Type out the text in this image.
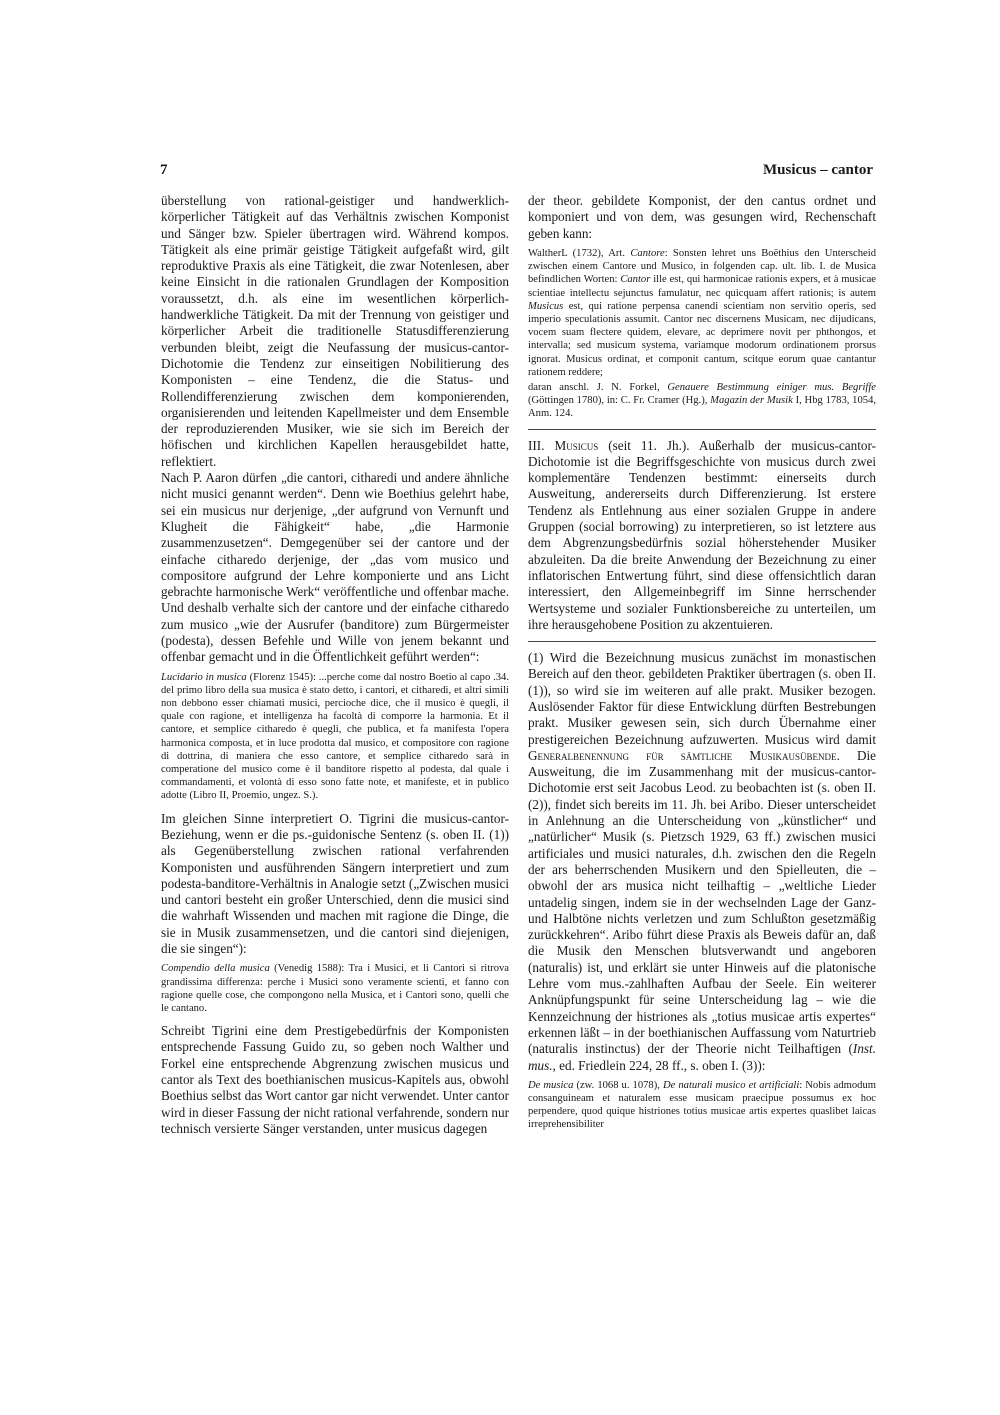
7	Musicus – cantor

überstellung von rational-geistiger und handwerklich-körperlicher Tätigkeit auf das Verhältnis zwischen Komponist und Sänger bzw. Spieler übertragen wird. Während kompos. Tätigkeit als eine primär geistige Tätigkeit aufgefaßt wird, gilt reproduktive Praxis als eine Tätigkeit, die zwar Notenlesen, aber keine Einsicht in die rationalen Grundlagen der Komposition voraussetzt, d.h. als eine im wesentlichen körperlich-handwerkliche Tätigkeit. Da mit der Trennung von geistiger und körperlicher Arbeit die traditionelle Statusdifferenzierung verbunden bleibt, zeigt die Neufassung der musicus-cantor-Dichotomie die Tendenz zur einseitigen Nobilitierung des Komponisten – eine Tendenz, die die Status- und Rollendifferenzierung zwischen dem komponierenden, organisierenden und leitenden Kapellmeister und dem Ensemble der reproduzierenden Musiker, wie sie sich im Bereich der höfischen und kirchlichen Kapellen herausgebildet hatte, reflektiert.

Nach P. Aaron dürfen „die cantori, citharedi und andere ähnliche nicht musici genannt werden“. Denn wie Boethius gelehrt habe, sei ein musicus nur derjenige, „der aufgrund von Vernunft und Klugheit die Fähigkeit“ habe, „die Harmonie zusammenzusetzen“. Demgegenüber sei der cantore und der einfache citharedo derjenige, der „das vom musico und compositore aufgrund der Lehre komponierte und ans Licht gebrachte harmonische Werk“ veröffentliche und offenbar mache. Und deshalb verhalte sich der cantore und der einfache citharedo zum musico „wie der Ausrufer (banditore) zum Bürgermeister (podesta), dessen Befehle und Wille von jenem bekannt und offenbar gemacht und in die Öffentlichkeit geführt werden“:

Lucidario in musica (Florenz 1545): ...perche come dal nostro Boetio al capo .34. del primo libro della sua musica è stato detto, i cantori, et citharedi, et altri simili non debbono esser chiamati musici, percioche dice, che il musico è quegli, il quale con ragione, et intelligenza ha facoltà di comporre la harmonia. Et il cantore, et semplice citharedo è quegli, che publica, et fa manifesta l'opera harmonica composta, et in luce prodotta dal musico, et compositore con ragione di dottrina, di maniera che esso cantore, et semplice citharedo sarà in comperatione del musico come è il banditore rispetto al podesta, dal quale i commandamenti, et volontà di esso sono fatte note, et manifeste, et in publico adotte (Libro II, Proemio, ungez. S.).

Im gleichen Sinne interpretiert O. Tigrini die musicus-cantor-Beziehung, wenn er die ps.-guidonische Sentenz (s. oben II. (1)) als Gegenüberstellung zwischen rational verfahrenden Komponisten und ausführenden Sängern interpretiert und zum podesta-banditore-Verhältnis in Analogie setzt („Zwischen musici und cantori besteht ein großer Unterschied, denn die musici sind die wahrhaft Wissenden und machen mit ragione die Dinge, die sie in Musik zusammensetzen, und die cantori sind diejenigen, die sie singen“):

Compendio della musica (Venedig 1588): Tra i Musici, et li Cantori si ritrova grandissima differenza: perche i Musici sono veramente scienti, et fanno con ragione quelle cose, che compongono nella Musica, et i Cantori sono, quelli che le cantano.

Schreibt Tigrini eine dem Prestigebedürfnis der Komponisten entsprechende Fassung Guido zu, so geben noch Walther und Forkel eine entsprechende Abgrenzung zwischen musicus und cantor als Text des boethianischen musicus-Kapitels aus, obwohl Boethius selbst das Wort cantor gar nicht verwendet. Unter cantor wird in dieser Fassung der nicht rational verfahrende, sondern nur technisch versierte Sänger verstanden, unter musicus dagegen

der theor. gebildete Komponist, der den cantus ordnet und komponiert und von dem, was gesungen wird, Rechenschaft geben kann:

WaltherL (1732), Art. Cantore: Sonsten lehret uns Boëthius den Unterscheid zwischen einem Cantore und Musico, in folgenden cap. ult. lib. I. de Musica befindlichen Worten: Cantor ille est, qui harmonicae rationis expers, et à musicae scientiae intellectu sejunctus famulatur, nec quicquam affert rationis; is autem Musicus est, qui ratione perpensa canendi scientiam non servitio operis, sed imperio speculationis assumit. Cantor nec discernens Musicam, nec dijudicans, vocem suam flectere quidem, elevare, ac deprimere novit per phthongos, et intervalla; sed musicum systema, variamque modorum ordinationem prorsus ignorat. Musicus ordinat, et componit cantum, scitque eorum quae cantantur rationem reddere;

daran anschl. J. N. Forkel, Genauere Bestimmung einiger mus. Begriffe (Göttingen 1780), in: C. Fr. Cramer (Hg.), Magazin der Musik I, Hbg 1783, 1054, Anm. 124.

III. Musicus (seit 11. Jh.). Außerhalb der musicus-cantor-Dichotomie ist die Begriffsgeschichte von musicus durch zwei komplementäre Tendenzen bestimmt: einerseits durch Ausweitung, andererseits durch Differenzierung. Ist erstere Tendenz als Entlehnung aus einer sozialen Gruppe in andere Gruppen (social borrowing) zu interpretieren, so ist letztere aus dem Abgrenzungsbedürfnis sozial höherstehender Musiker abzuleiten. Da die breite Anwendung der Bezeichnung zu einer inflatorischen Entwertung führt, sind diese offensichtlich daran interessiert, den Allgemeinbegriff im Sinne herrschender Wertsysteme und sozialer Funktionsbereiche zu unterteilen, um ihre herausgehobene Position zu akzentuieren.

(1) Wird die Bezeichnung musicus zunächst im monastischen Bereich auf den theor. gebildeten Praktiker übertragen (s. oben II. (1)), so wird sie im weiteren auf alle prakt. Musiker bezogen. Auslösender Faktor für diese Entwicklung dürften Bestrebungen prakt. Musiker gewesen sein, sich durch Übernahme einer prestigereichen Bezeichnung aufzuwerten. Musicus wird damit Generalbenennung für sämtliche Musikausübende. Die Ausweitung, die im Zusammenhang mit der musicus-cantor-Dichotomie erst seit Jacobus Leod. zu beobachten ist (s. oben II. (2)), findet sich bereits im 11. Jh. bei Aribo. Dieser unterscheidet in Anlehnung an die Unterscheidung von „künstlicher“ und „natürlicher“ Musik (s. Pietzsch 1929, 63 ff.) zwischen musici artificiales und musici naturales, d.h. zwischen den die Regeln der ars beherrschenden Musikern und den Spielleuten, die – obwohl der ars musica nicht teilhaftig – „weltliche Lieder untadelig singen, indem sie in der wechselnden Lage der Ganz- und Halbtöne nichts verletzen und zum Schlußton gesetzmäßig zurückkehren“. Aribo führt diese Praxis als Beweis dafür an, daß die Musik den Menschen blutsverwandt und angeboren (naturalis) ist, und erklärt sie unter Hinweis auf die platonische Lehre vom mus.-zahlhaften Aufbau der Seele. Ein weiterer Anknüpfungspunkt für seine Unterscheidung lag – wie die Kennzeichnung der histriones als „totius musicae artis expertes“ erkennen läßt – in der boethianischen Auffassung vom Naturtrieb (naturalis instinctus) der der Theorie nicht Teilhaftigen (Inst. mus., ed. Friedlein 224, 28 ff., s. oben I. (3)):

De musica (zw. 1068 u. 1078), De naturali musico et artificiali: Nobis admodum consanguineam et naturalem esse musicam praecipue possumus ex hoc perpendere, quod quique histriones totius musicae artis expertes quaslibet laicas irreprehensibiliter
